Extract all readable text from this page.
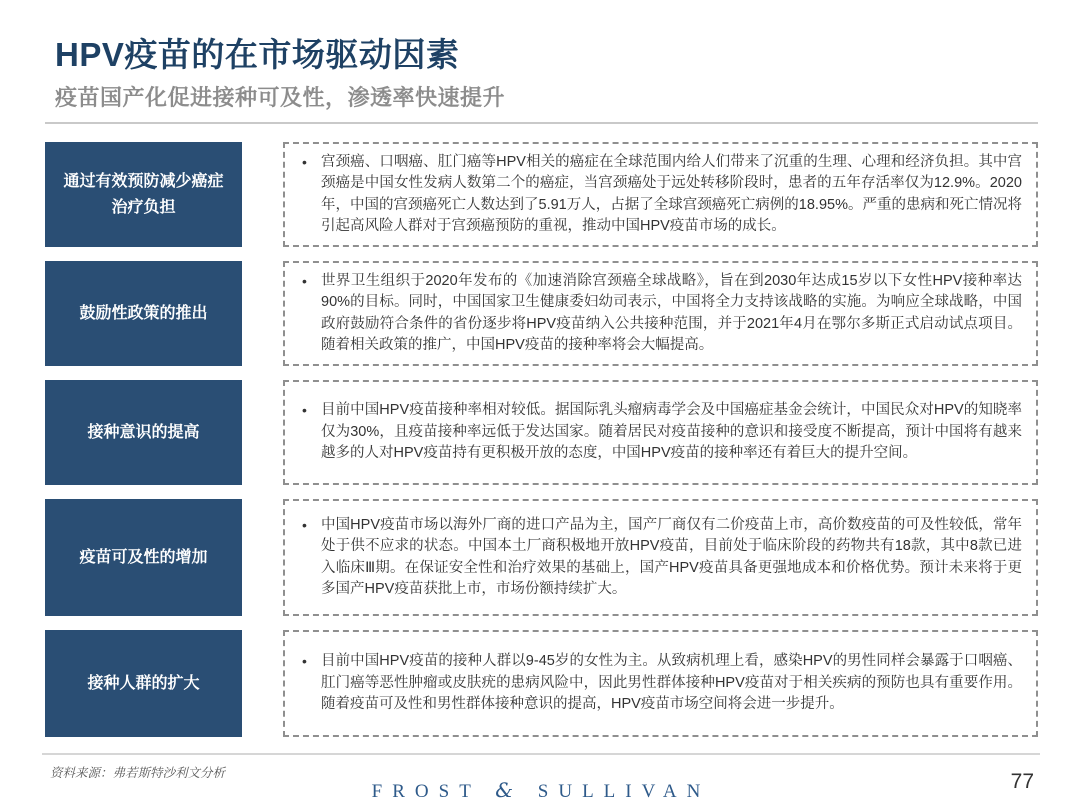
HPV疫苗的在市场驱动因素
疫苗国产化促进接种可及性，渗透率快速提升
通过有效预防减少癌症治疗负担
• 宫颈癌、口咽癌、肛门癌等HPV相关的癌症在全球范围内给人们带来了沉重的生理、心理和经济负担。其中宫颈癌是中国女性发病人数第二个的癌症，当宫颈癌处于远处转移阶段时，患者的五年存活率仅为12.9%。2020年，中国的宫颈癌死亡人数达到了5.91万人，占据了全球宫颈癌死亡病例的18.95%。严重的患病和死亡情况将引起高风险人群对于宫颈癌预防的重视，推动中国HPV疫苗市场的成长。
鼓励性政策的推出
• 世界卫生组织于2020年发布的《加速消除宫颈癌全球战略》，旨在到2030年达成15岁以下女性HPV接种率达90%的目标。同时，中国国家卫生健康委妇幼司表示，中国将全力支持该战略的实施。为响应全球战略，中国政府鼓励符合条件的省份逐步将HPV疫苗纳入公共接种范围，并于2021年4月在鄂尔多斯正式启动试点项目。随着相关政策的推广，中国HPV疫苗的接种率将会大幅提高。
接种意识的提高
• 目前中国HPV疫苗接种率相对较低。据国际乳头瘤病毒学会及中国癌症基金会统计，中国民众对HPV的知晓率仅为30%，且疫苗接种率远低于发达国家。随着居民对疫苗接种的意识和接受度不断提高，预计中国将有越来越多的人对HPV疫苗持有更积极开放的态度，中国HPV疫苗的接种率还有着巨大的提升空间。
疫苗可及性的增加
• 中国HPV疫苗市场以海外厂商的进口产品为主，国产厂商仅有二价疫苗上市，高价数疫苗的可及性较低，常年处于供不应求的状态。中国本土厂商积极地开放HPV疫苗，目前处于临床阶段的药物共有18款，其中8款已进入临床Ⅲ期。在保证安全性和治疗效果的基础上，国产HPV疫苗具备更强地成本和价格优势。预计未来将于更多国产HPV疫苗获批上市，市场份额持续扩大。
接种人群的扩大
• 目前中国HPV疫苗的接种人群以9-45岁的女性为主。从致病机理上看，感染HPV的男性同样会暴露于口咽癌、肛门癌等恶性肿瘤或皮肤疣的患病风险中，因此男性群体接种HPV疫苗对于相关疾病的预防也具有重要作用。随着疫苗可及性和男性群体接种意识的提高，HPV疫苗市场空间将会进一步提升。
资料来源：弗若斯特沙利文分析
FROST & SULLIVAN	77
